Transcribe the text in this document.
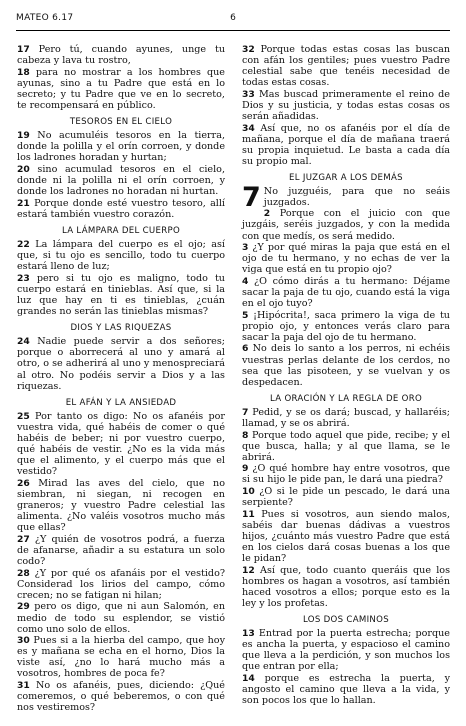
MATEO 6.17	6
17 Pero tú, cuando ayunes, unge tu cabeza y lava tu rostro,
18 para no mostrar a los hombres que ayunas, sino a tu Padre que está en lo secreto; y tu Padre que ve en lo secreto, te recompensará en público.
TESOROS EN EL CIELO
19 No acumuléis tesoros en la tierra, donde la polilla y el orín corroen, y donde los ladrones horadan y hurtan;
20 sino acumulad tesoros en el cielo, donde ni la polilla ni el orín corroen, y donde los ladrones no horadan ni hurtan.
21 Porque donde esté vuestro tesoro, allí estará también vuestro corazón.
LA LÁMPARA DEL CUERPO
22 La lámpara del cuerpo es el ojo; así que, si tu ojo es sencillo, todo tu cuerpo estará lleno de luz;
23 pero si tu ojo es maligno, todo tu cuerpo estará en tinieblas. Así que, si la luz que hay en ti es tinieblas, ¿cuán grandes no serán las tinieblas mismas?
DIOS Y LAS RIQUEZAS
24 Nadie puede servir a dos señores; porque o aborrecerá al uno y amará al otro, o se adherirá al uno y menospreciará al otro. No podéis servir a Dios y a las riquezas.
EL AFÁN Y LA ANSIEDAD
25 Por tanto os digo: No os afanéis por vuestra vida, qué habéis de comer o qué habéis de beber; ni por vuestro cuerpo, qué habéis de vestir. ¿No es la vida más que el alimento, y el cuerpo más que el vestido?
26 Mirad las aves del cielo, que no siembran, ni siegan, ni recogen en graneros; y vuestro Padre celestial las alimenta. ¿No valéis vosotros mucho más que ellas?
27 ¿Y quién de vosotros podrá, a fuerza de afanarse, añadir a su estatura un solo codo?
28 ¿Y por qué os afanáis por el vestido? Considerad los lirios del campo, cómo crecen; no se fatigan ni hilan;
29 pero os digo, que ni aun Salomón, en medio de todo su esplendor, se vistió como uno solo de ellos.
30 Pues si a la hierba del campo, que hoy es y mañana se echa en el horno, Dios la viste así, ¿no lo hará mucho más a vosotros, hombres de poca fe?
31 No os afanéis, pues, diciendo: ¿Qué comeremos, o qué beberemos, o con qué nos vestiremos?
32 Porque todas estas cosas las buscan con afán los gentiles; pues vuestro Padre celestial sabe que tenéis necesidad de todas estas cosas.
33 Mas buscad primeramente el reino de Dios y su justicia, y todas estas cosas os serán añadidas.
34 Así que, no os afanéis por el día de mañana, porque el día de mañana traerá su propia inquietud. Le basta a cada día su propio mal.
EL JUZGAR A LOS DEMÁS
7 No juzguéis, para que no seáis juzgados.
2 Porque con el juicio con que juzgáis, seréis juzgados, y con la medida con que medís, os será medido.
3 ¿Y por qué miras la paja que está en el ojo de tu hermano, y no echas de ver la viga que está en tu propio ojo?
4 ¿O cómo dirás a tu hermano: Déjame sacar la paja de tu ojo, cuando está la viga en el ojo tuyo?
5 ¡Hipócrita!, saca primero la viga de tu propio ojo, y entonces verás claro para sacar la paja del ojo de tu hermano.
6 No deis lo santo a los perros, ni echéis vuestras perlas delante de los cerdos, no sea que las pisoteen, y se vuelvan y os despedacen.
LA ORACIÓN Y LA REGLA DE ORO
7 Pedid, y se os dará; buscad, y hallaréis; llamad, y se os abrirá.
8 Porque todo aquel que pide, recibe; y el que busca, halla; y al que llama, se le abrirá.
9 ¿O qué hombre hay entre vosotros, que si su hijo le pide pan, le dará una piedra?
10 ¿O si le pide un pescado, le dará una serpiente?
11 Pues si vosotros, aun siendo malos, sabéis dar buenas dádivas a vuestros hijos, ¿cuánto más vuestro Padre que está en los cielos dará cosas buenas a los que le pidan?
12 Así que, todo cuanto queráis que los hombres os hagan a vosotros, así también haced vosotros a ellos; porque esto es la ley y los profetas.
LOS DOS CAMINOS
13 Entrad por la puerta estrecha; porque es ancha la puerta, y espacioso el camino que lleva a la perdición, y son muchos los que entran por ella;
14 porque es estrecha la puerta, y angosto el camino que lleva a la vida, y son pocos los que lo hallan.
